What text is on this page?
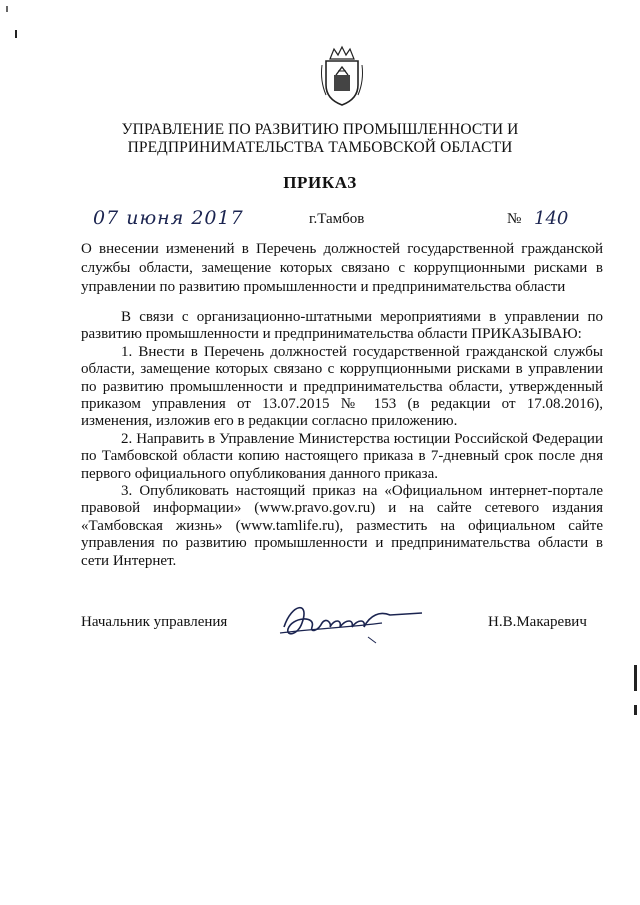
УПРАВЛЕНИЕ ПО РАЗВИТИЮ ПРОМЫШЛЕННОСТИ И
ПРЕДПРИНИМАТЕЛЬСТВА ТАМБОВСКОЙ ОБЛАСТИ
ПРИКАЗ
07 июня 2017	г.Тамбов	№ 140
О внесении изменений в Перечень должностей государственной гражданской службы области, замещение которых связано с коррупционными рисками в управлении по развитию промышленности и предпринимательства области

В связи с организационно-штатными мероприятиями в управлении по развитию промышленности и предпринимательства области ПРИКАЗЫВАЮ:

1. Внести в Перечень должностей государственной гражданской службы области, замещение которых связано с коррупционными рисками в управлении по развитию промышленности и предпринимательства области, утвержденный приказом управления от 13.07.2015 № 153 (в редакции от 17.08.2016), изменения, изложив его в редакции согласно приложению.

2. Направить в Управление Министерства юстиции Российской Федерации по Тамбовской области копию настоящего приказа в 7-дневный срок после дня первого официального опубликования данного приказа.

3. Опубликовать настоящий приказ на «Официальном интернет-портале правовой информации» (www.pravo.gov.ru) и на сайте сетевого издания «Тамбовская жизнь» (www.tamlife.ru), разместить на официальном сайте управления по развитию промышленности и предпринимательства области в сети Интернет.

Начальник управления	Н.В.Макаревич
